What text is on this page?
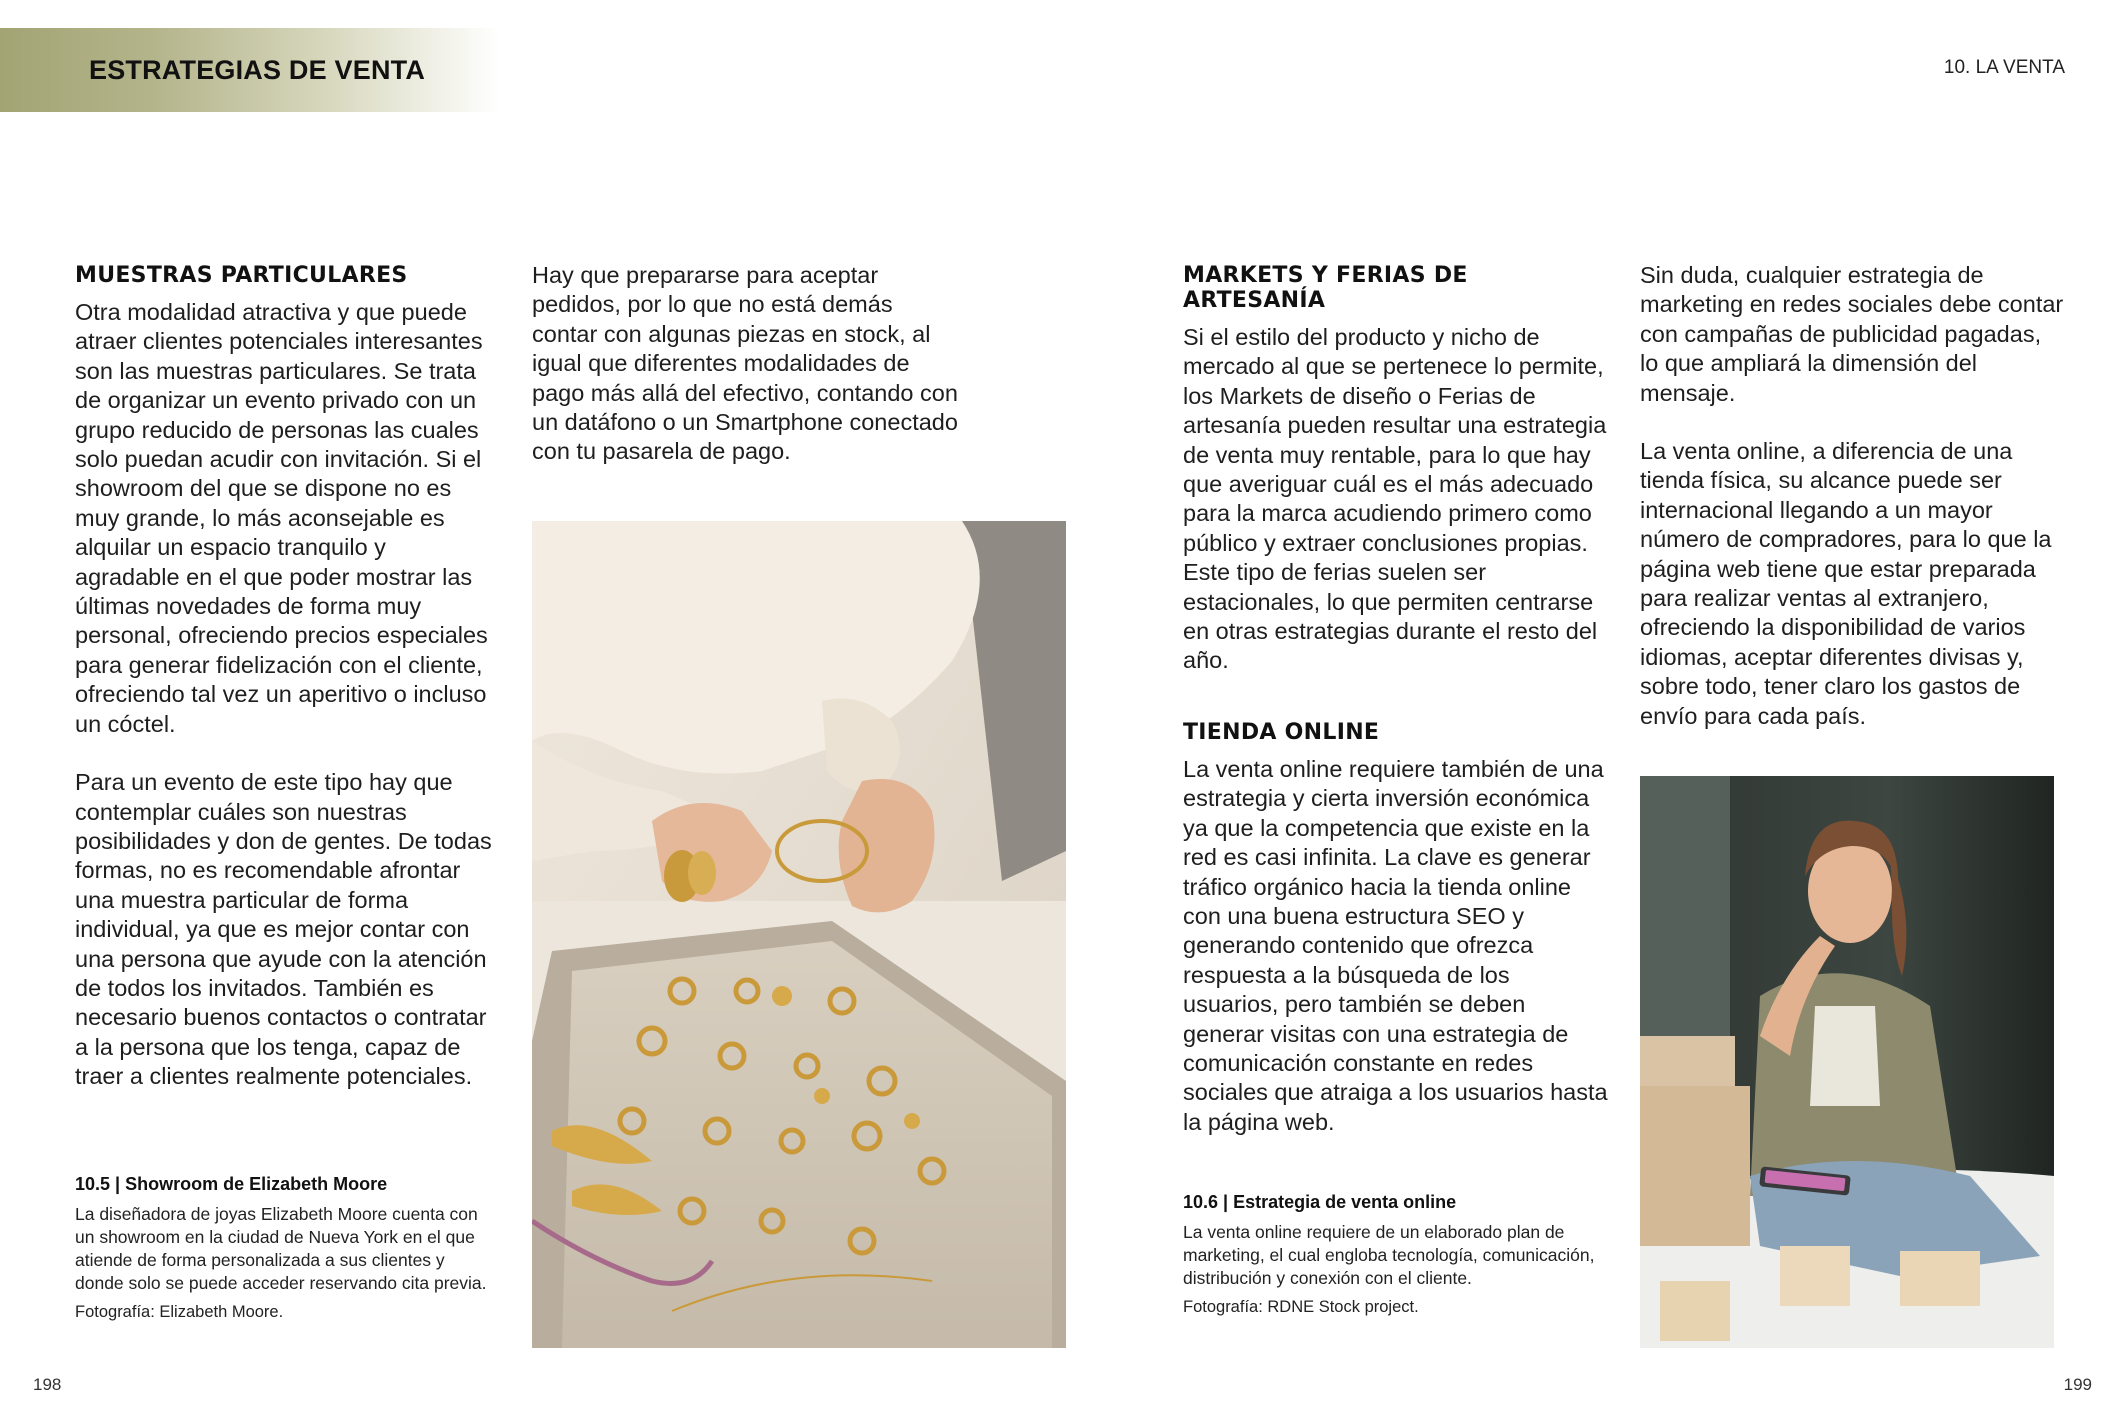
ESTRATEGIAS DE VENTA	10. LA VENTA
MUESTRAS PARTICULARES

Otra modalidad atractiva y que puede atraer clientes potenciales interesantes son las muestras particulares. Se trata de organizar un evento privado con un grupo reducido de personas las cuales solo puedan acudir con invitación. Si el showroom del que se dispone no es muy grande, lo más aconsejable es alquilar un espacio tranquilo y agradable en el que poder mostrar las últimas novedades de forma muy personal, ofreciendo precios especiales para generar fidelización con el cliente, ofreciendo tal vez un aperitivo o incluso un cóctel.

Para un evento de este tipo hay que contemplar cuáles son nuestras posibilidades y don de gentes. De todas formas, no es recomendable afrontar una muestra particular de forma individual, ya que es mejor contar con una persona que ayude con la atención de todos los invitados. También es necesario buenos contactos o contratar a la persona que los tenga, capaz de traer a clientes realmente potenciales.

Hay que prepararse para aceptar pedidos, por lo que no está demás contar con algunas piezas en stock, al igual que diferentes modalidades de pago más allá del efectivo, contando con un datáfono o un Smartphone conectado con tu pasarela de pago.

10.5 | Showroom de Elizabeth Moore
La diseñadora de joyas Elizabeth Moore cuenta con un showroom en la ciudad de Nueva York en el que atiende de forma personalizada a sus clientes y donde solo se puede acceder reservando cita previa.
Fotografía: Elizabeth Moore.
198
MARKETS Y FERIAS DE ARTESANÍA

Si el estilo del producto y nicho de mercado al que se pertenece lo permite, los Markets de diseño o Ferias de artesanía pueden resultar una estrategia de venta muy rentable, para lo que hay que averiguar cuál es el más adecuado para la marca acudiendo primero como público y extraer conclusiones propias. Este tipo de ferias suelen ser estacionales, lo que permiten centrarse en otras estrategias durante el resto del año.

TIENDA ONLINE

La venta online requiere también de una estrategia y cierta inversión económica ya que la competencia que existe en la red es casi infinita. La clave es generar tráfico orgánico hacia la tienda online con una buena estructura SEO y generando contenido que ofrezca respuesta a la búsqueda de los usuarios, pero también se deben generar visitas con una estrategia de comunicación constante en redes sociales que atraiga a los usuarios hasta la página web.

Sin duda, cualquier estrategia de marketing en redes sociales debe contar con campañas de publicidad pagadas, lo que ampliará la dimensión del mensaje.

La venta online, a diferencia de una tienda física, su alcance puede ser internacional llegando a un mayor número de compradores, para lo que la página web tiene que estar preparada para realizar ventas al extranjero, ofreciendo la disponibilidad de varios idiomas, aceptar diferentes divisas y, sobre todo, tener claro los gastos de envío para cada país.

10.6 | Estrategia de venta online
La venta online requiere de un elaborado plan de marketing, el cual engloba tecnología, comunicación, distribución y conexión con el cliente.
Fotografía: RDNE Stock project.
199
